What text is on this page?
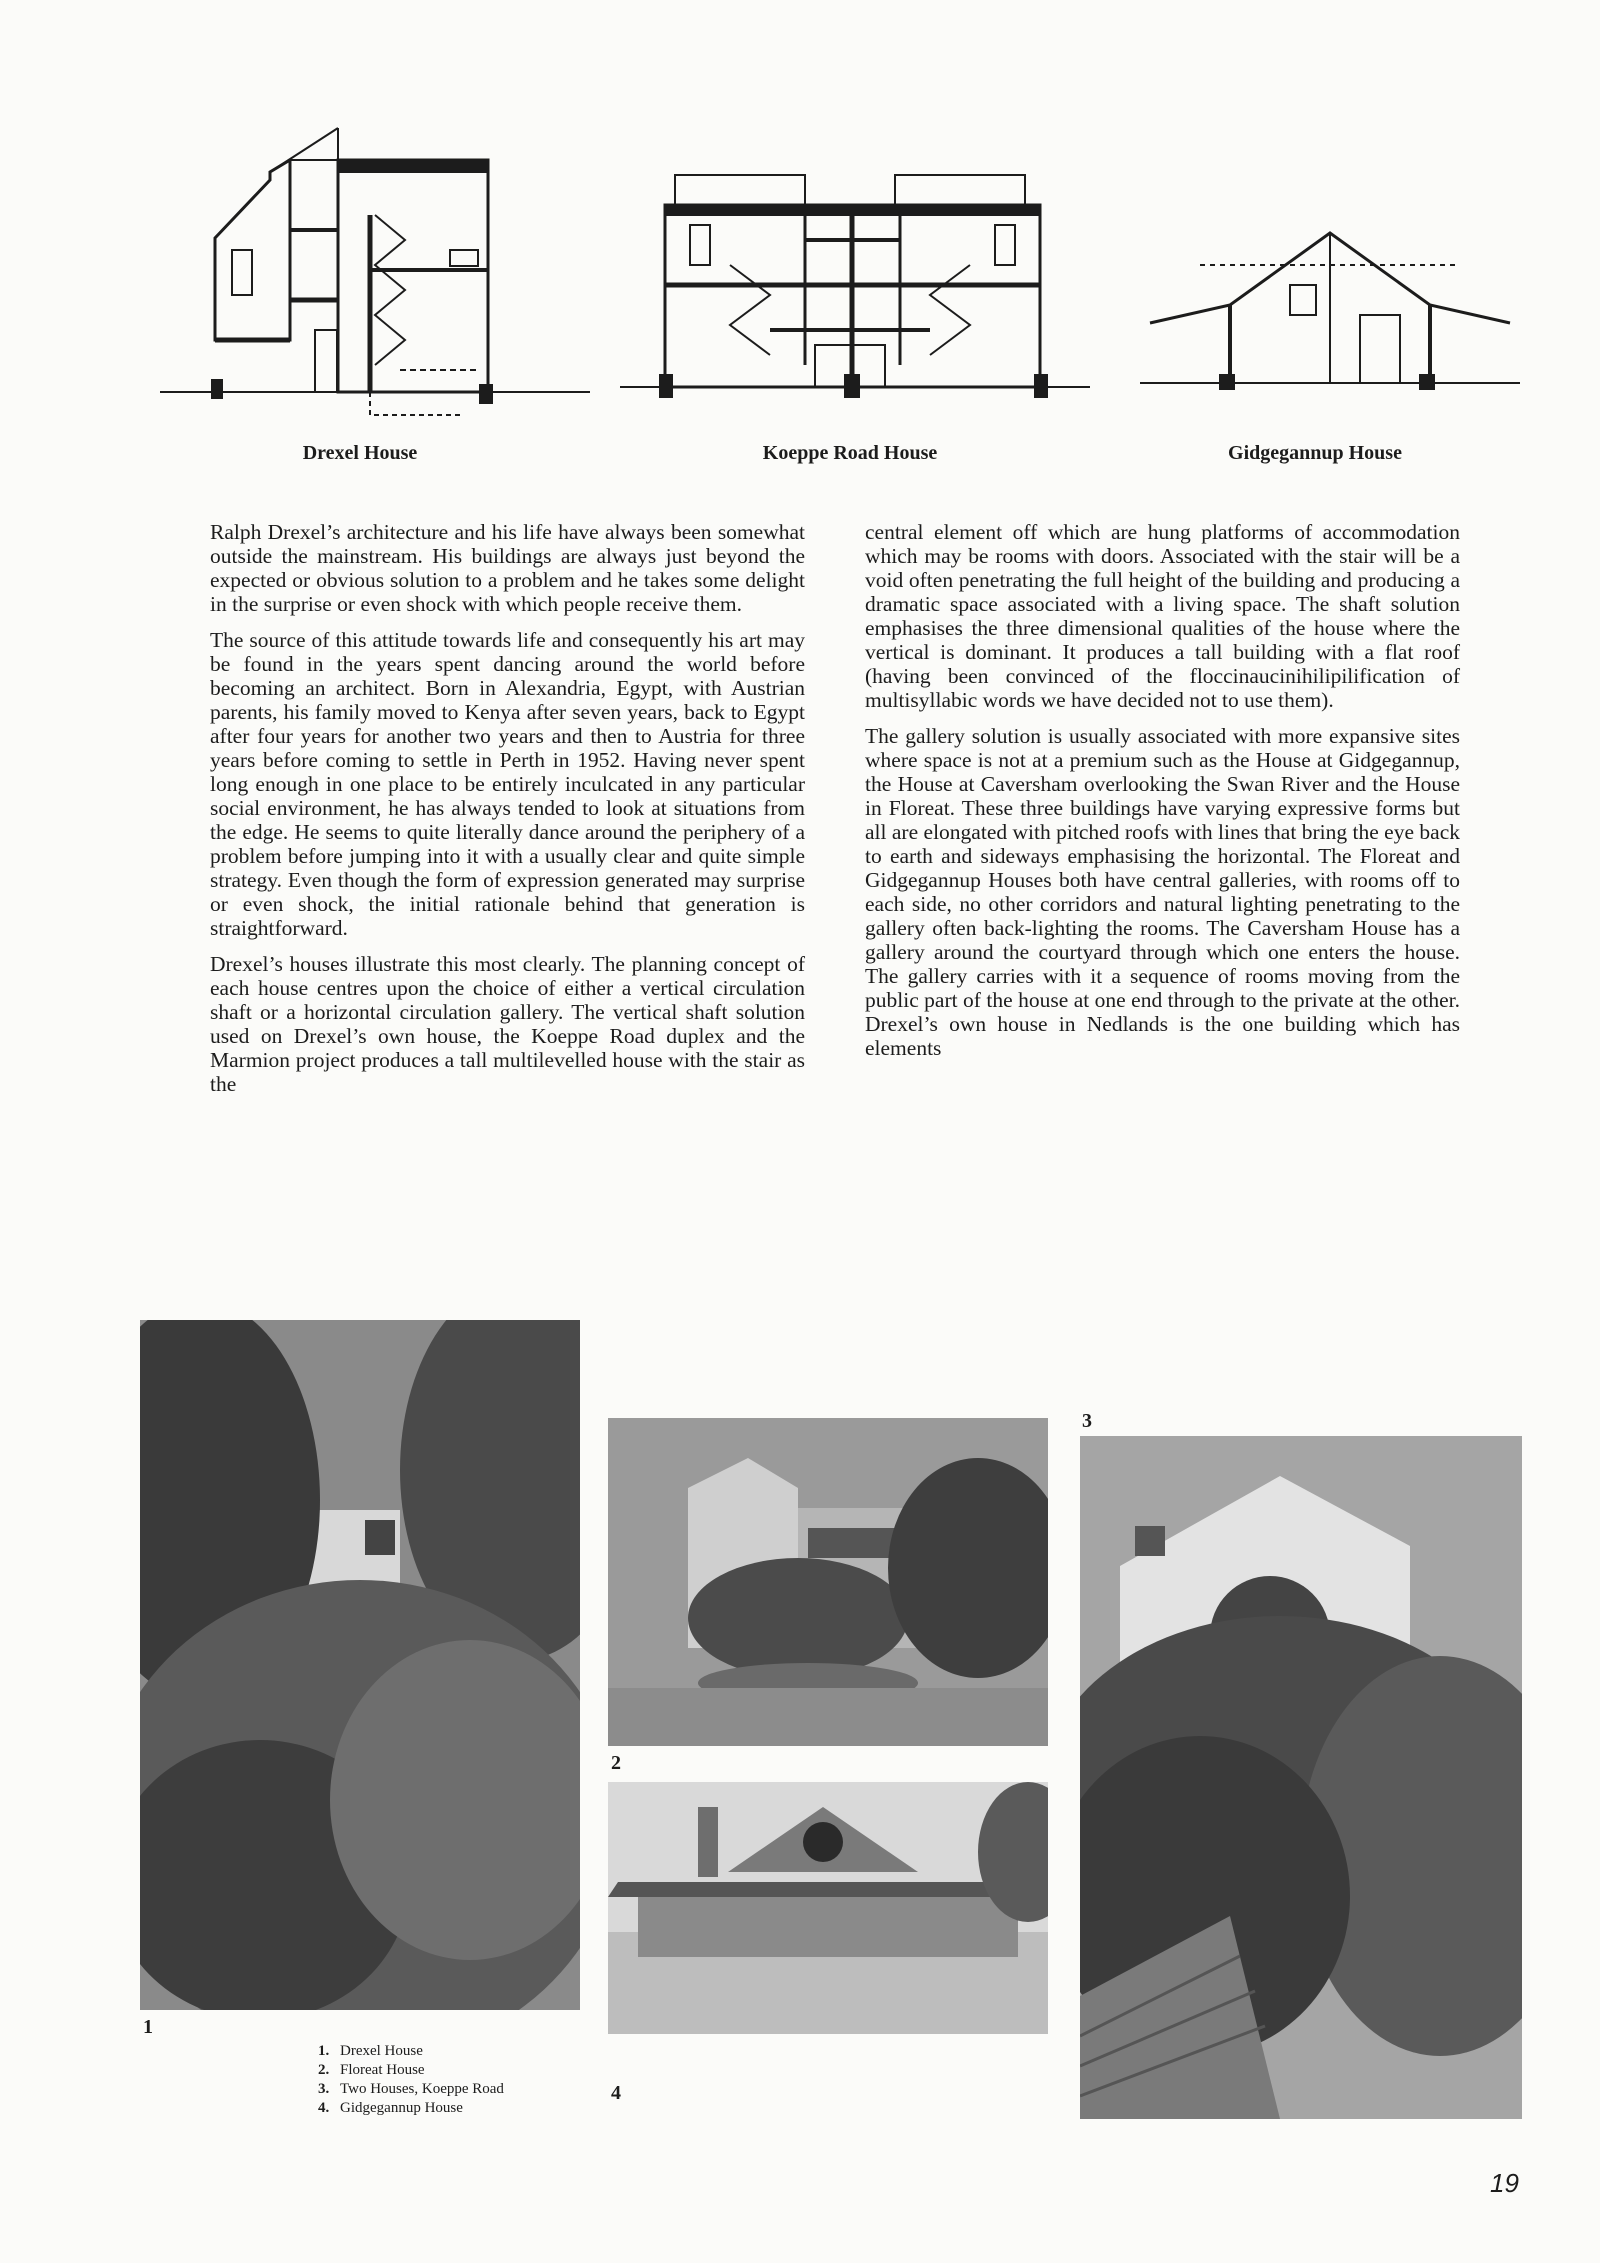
Drexel House	Koeppe Road House	Gidgegannup House

Ralph Drexel’s architecture and his life have always been somewhat outside the mainstream. His buildings are always just beyond the expected or obvious solution to a problem and he takes some delight in the surprise or even shock with which people receive them.

The source of this attitude towards life and consequently his art may be found in the years spent dancing around the world before becoming an architect. Born in Alexandria, Egypt, with Austrian parents, his family moved to Kenya after seven years, back to Egypt after four years for another two years and then to Austria for three years before coming to settle in Perth in 1952. Having never spent long enough in one place to be entirely inculcated in any particular social environment, he has always tended to look at situations from the edge. He seems to quite literally dance around the periphery of a problem before jumping into it with a usually clear and quite simple strategy. Even though the form of expression generated may surprise or even shock, the initial rationale behind that generation is straightforward.

Drexel’s houses illustrate this most clearly. The planning concept of each house centres upon the choice of either a vertical circulation shaft or a horizontal circulation gallery. The vertical shaft solution used on Drexel’s own house, the Koeppe Road duplex and the Marmion project produces a tall multilevelled house with the stair as the

central element off which are hung platforms of accommodation which may be rooms with doors. Associated with the stair will be a void often penetrating the full height of the building and producing a dramatic space associated with a living space. The shaft solution emphasises the three dimensional qualities of the house where the vertical is dominant. It produces a tall building with a flat roof (having been convinced of the floccinaucinihilipilification of multisyllabic words we have decided not to use them).

The gallery solution is usually associated with more expansive sites where space is not at a premium such as the House at Gidgegannup, the House at Caversham overlooking the Swan River and the House in Floreat. These three buildings have varying expressive forms but all are elongated with pitched roofs with lines that bring the eye back to earth and sideways emphasising the horizontal. The Floreat and Gidgegannup Houses both have central galleries, with rooms off to each side, no other corridors and natural lighting penetrating to the gallery often back-lighting the rooms. The Caversham House has a gallery around the courtyard through which one enters the house. The gallery carries with it a sequence of rooms moving from the public part of the house at one end through to the private at the other. Drexel’s own house in Nedlands is the one building which has elements

1
2
4
3
1. Drexel House
2. Floreat House
3. Two Houses, Koeppe Road
4. Gidgegannup House
19
